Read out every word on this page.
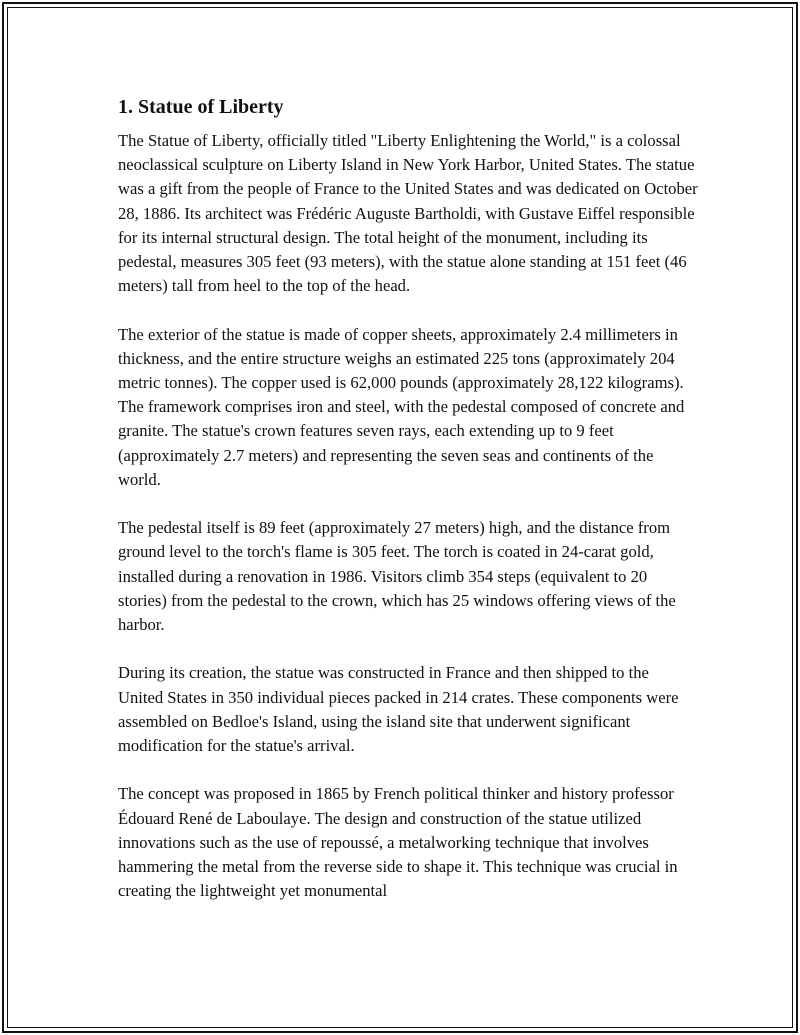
1. Statue of Liberty

The Statue of Liberty, officially titled "Liberty Enlightening the World," is a colossal neoclassical sculpture on Liberty Island in New York Harbor, United States. The statue was a gift from the people of France to the United States and was dedicated on October 28, 1886. Its architect was Frédéric Auguste Bartholdi, with Gustave Eiffel responsible for its internal structural design. The total height of the monument, including its pedestal, measures 305 feet (93 meters), with the statue alone standing at 151 feet (46 meters) tall from heel to the top of the head.

The exterior of the statue is made of copper sheets, approximately 2.4 millimeters in thickness, and the entire structure weighs an estimated 225 tons (approximately 204 metric tonnes). The copper used is 62,000 pounds (approximately 28,122 kilograms). The framework comprises iron and steel, with the pedestal composed of concrete and granite. The statue's crown features seven rays, each extending up to 9 feet (approximately 2.7 meters) and representing the seven seas and continents of the world.

The pedestal itself is 89 feet (approximately 27 meters) high, and the distance from ground level to the torch's flame is 305 feet. The torch is coated in 24-carat gold, installed during a renovation in 1986. Visitors climb 354 steps (equivalent to 20 stories) from the pedestal to the crown, which has 25 windows offering views of the harbor.

During its creation, the statue was constructed in France and then shipped to the United States in 350 individual pieces packed in 214 crates. These components were assembled on Bedloe's Island, using the island site that underwent significant modification for the statue's arrival.

The concept was proposed in 1865 by French political thinker and history professor Édouard René de Laboulaye. The design and construction of the statue utilized innovations such as the use of repoussé, a metalworking technique that involves hammering the metal from the reverse side to shape it. This technique was crucial in creating the lightweight yet monumental
